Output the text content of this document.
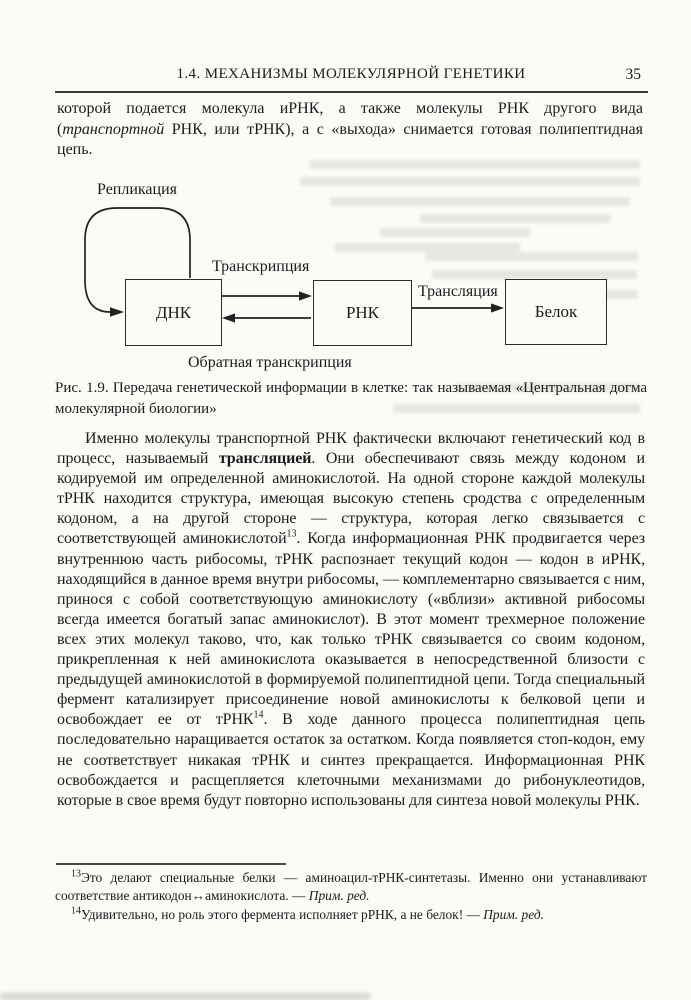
1.4. МЕХАНИЗМЫ МОЛЕКУЛЯРНОЙ ГЕНЕТИКИ	35

которой подается молекула иРНК, а также молекулы РНК другого вида (транспортной РНК, или тРНК), а с «выхода» снимается готовая полипептидная цепь.

Репликация
Транскрипция
Трансляция
Обратная транскрипция
ДНК	РНК	Белок

Рис. 1.9. Передача генетической информации в клетке: так называемая «Центральная догма молекулярной биологии»

Именно молекулы транспортной РНК фактически включают генетический код в процесс, называемый трансляцией. Они обеспечивают связь между кодоном и кодируемой им определенной аминокислотой. На одной стороне каждой молекулы тРНК находится структура, имеющая высокую степень сродства с определенным кодоном, а на другой стороне — структура, которая легко связывается с соответствующей аминокислотой$^{13}$. Когда информационная РНК продвигается через внутреннюю часть рибосомы, тРНК распознает текущий кодон — кодон в иРНК, находящийся в данное время внутри рибосомы, — комплементарно связывается с ним, принося с собой соответствующую аминокислоту («вблизи» активной рибосомы всегда имеется богатый запас аминокислот). В этот момент трехмерное положение всех этих молекул таково, что, как только тРНК связывается со своим кодоном, прикрепленная к ней аминокислота оказывается в непосредственной близости с предыдущей аминокислотой в формируемой полипептидной цепи. Тогда специальный фермент катализирует присоединение новой аминокислоты к белковой цепи и освобождает ее от тРНК$^{14}$. В ходе данного процесса полипептидная цепь последовательно наращивается остаток за остатком. Когда появляется стоп-кодон, ему не соответствует никакая тРНК и синтез прекращается. Информационная РНК освобождается и расщепляется клеточными механизмами до рибонуклеотидов, которые в свое время будут повторно использованы для синтеза новой молекулы РНК.

$^{13}$Это делают специальные белки — аминоацил-тРНК-синтетазы. Именно они устанавливают соответствие антикодон↔аминокислота. — Прим. ред.
$^{14}$Удивительно, но роль этого фермента исполняет рРНК, а не белок! — Прим. ред.
